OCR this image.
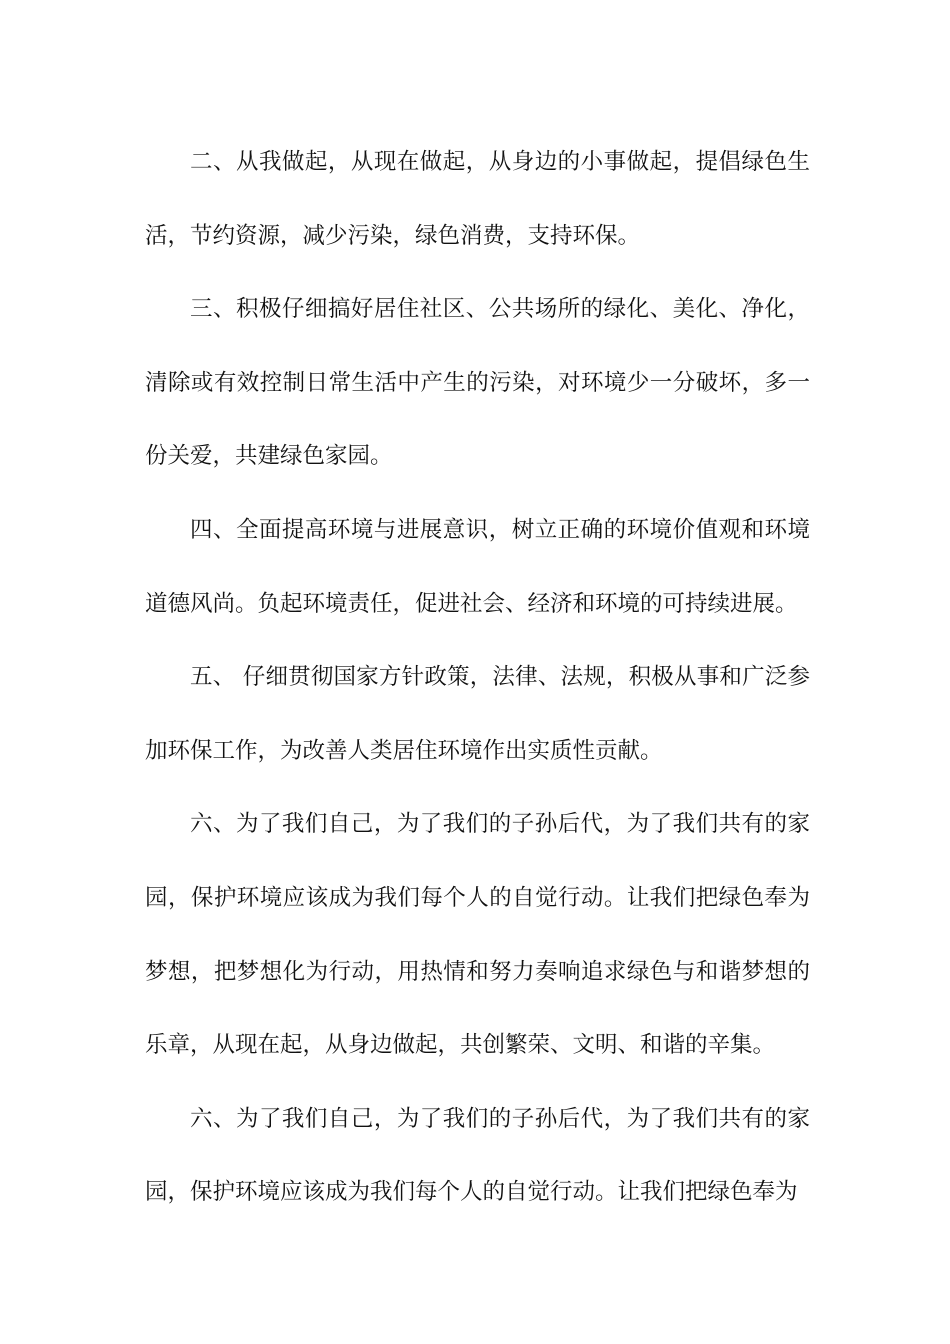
二、从我做起，从现在做起，从身边的小事做起，提倡绿色生活，节约资源，减少污染，绿色消费，支持环保。

三、积极仔细搞好居住社区、公共场所的绿化、美化、净化，清除或有效控制日常生活中产生的污染，对环境少一分破坏，多一份关爱，共建绿色家园。

四、全面提高环境与进展意识，树立正确的环境价值观和环境道德风尚。负起环境责任，促进社会、经济和环境的可持续进展。

五、 仔细贯彻国家方针政策，法律、法规，积极从事和广泛参加环保工作，为改善人类居住环境作出实质性贡献。

六、为了我们自己，为了我们的子孙后代，为了我们共有的家园，保护环境应该成为我们每个人的自觉行动。让我们把绿色奉为梦想，把梦想化为行动，用热情和努力奏响追求绿色与和谐梦想的乐章，从现在起，从身边做起，共创繁荣、文明、和谐的辛集。

六、为了我们自己，为了我们的子孙后代，为了我们共有的家园，保护环境应该成为我们每个人的自觉行动。让我们把绿色奉为
